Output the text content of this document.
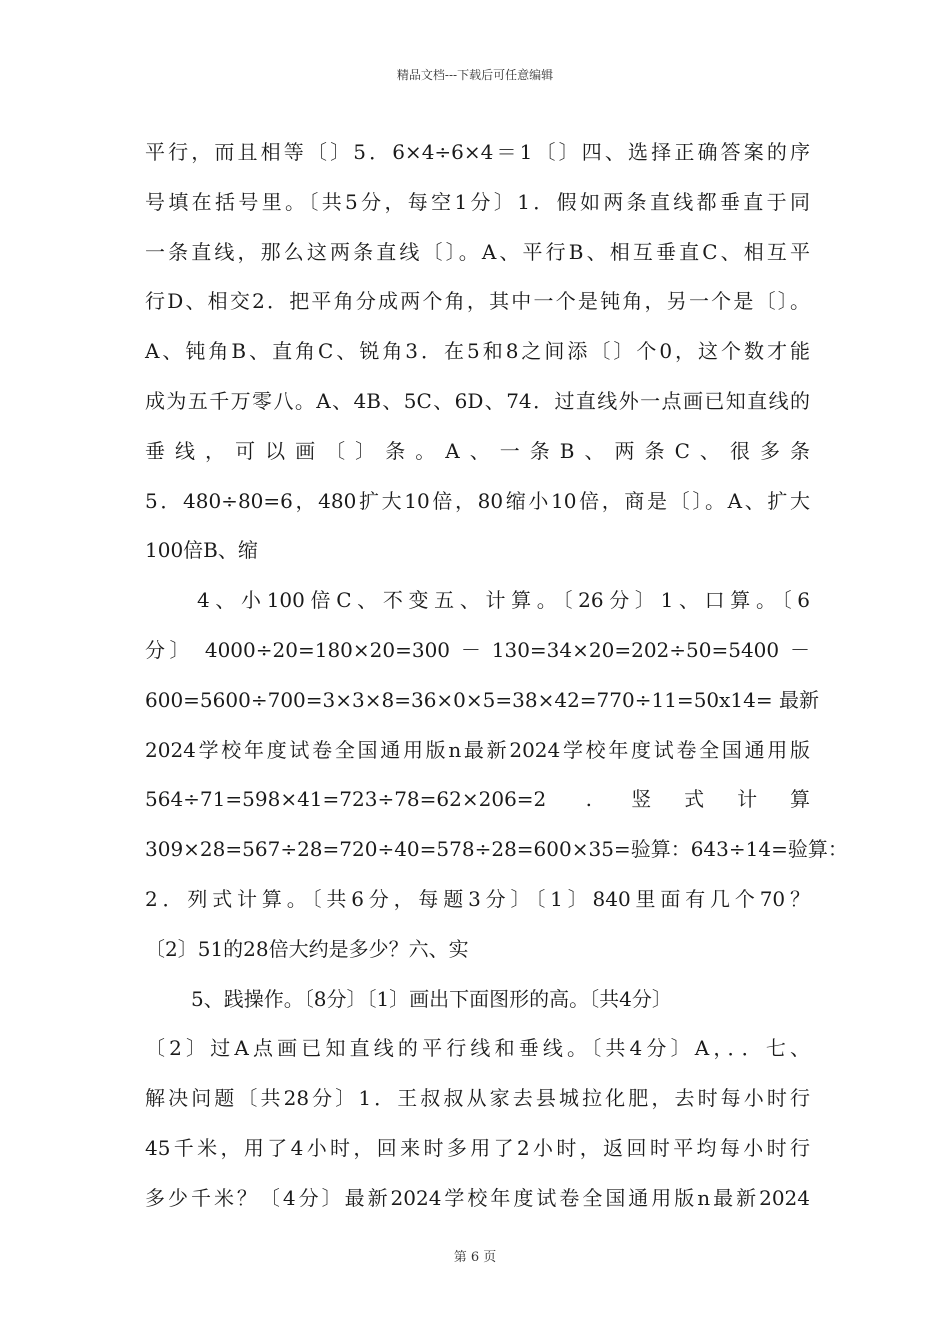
精品文档---下载后可任意编辑
平行，而且相等〔〕5．6×4÷6×4＝1〔〕四、选择正确答案的序
号填在括号里。〔共5分，每空1分〕1．假如两条直线都垂直于同
一条直线，那么这两条直线〔〕。A、平行B、相互垂直C、相互平
行D、相交2．把平角分成两个角，其中一个是钝角，另一个是〔〕。
A、钝角B、直角C、锐角3．在5和8之间添〔〕个0，这个数才能
成为五千万零八。A、4B、5C、6D、74．过直线外一点画已知直线的
垂线，可以画〔〕条。A、一条B、两条C、很多条
5．480÷80=6，480扩大10倍，80缩小10倍，商是〔〕。A、扩大
100倍B、缩
4、小100倍C、不变五、计算。〔26分〕1、口算。〔6
分〕 4000÷20=180×20=300 － 130=34×20=202÷50=5400 －
600=5600÷700=3×3×8=36×0×5=38×42=770÷11=50x14= 最新
2024学校年度试卷全国通用版n最新2024学校年度试卷全国通用版
564÷71=598×41=723÷78=62×206=2 . 竖式计算
309×28=567÷28=720÷40=578÷28=600×35=验算：643÷14=验算：
2．列式计算。〔共6分，每题3分〕〔1〕840里面有几个70？
〔2〕51的28倍大约是多少？六、实
5、践操作。〔8分〕〔1〕画出下面图形的高。〔共4分〕
〔2〕过A点画已知直线的平行线和垂线。〔共4分〕A，．．七、
解决问题〔共28分〕1．王叔叔从家去县城拉化肥，去时每小时行
45千米，用了4小时，回来时多用了2小时，返回时平均每小时行
多少千米？〔4分〕最新2024学校年度试卷全国通用版n最新2024
第 6 页
